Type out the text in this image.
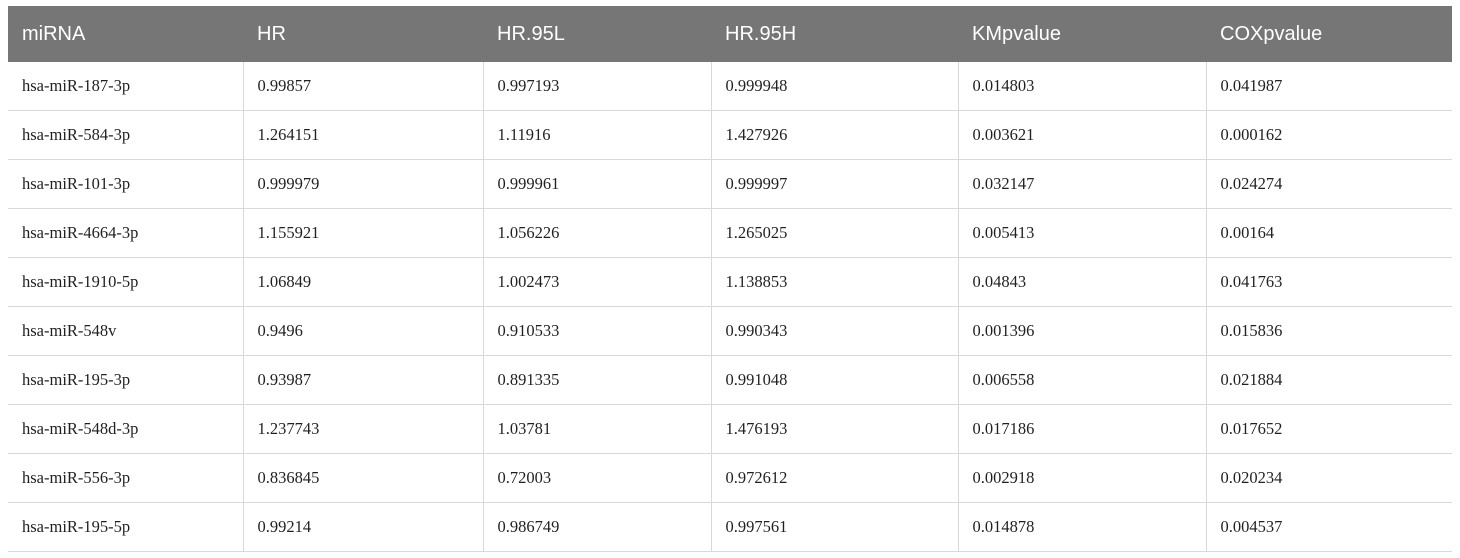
miRNA	HR	HR.95L	HR.95H	KMpvalue	COXpvalue
hsa-miR-187-3p	0.99857	0.997193	0.999948	0.014803	0.041987
hsa-miR-584-3p	1.264151	1.11916	1.427926	0.003621	0.000162
hsa-miR-101-3p	0.999979	0.999961	0.999997	0.032147	0.024274
hsa-miR-4664-3p	1.155921	1.056226	1.265025	0.005413	0.00164
hsa-miR-1910-5p	1.06849	1.002473	1.138853	0.04843	0.041763
hsa-miR-548v	0.9496	0.910533	0.990343	0.001396	0.015836
hsa-miR-195-3p	0.93987	0.891335	0.991048	0.006558	0.021884
hsa-miR-548d-3p	1.237743	1.03781	1.476193	0.017186	0.017652
hsa-miR-556-3p	0.836845	0.72003	0.972612	0.002918	0.020234
hsa-miR-195-5p	0.99214	0.986749	0.997561	0.014878	0.004537
